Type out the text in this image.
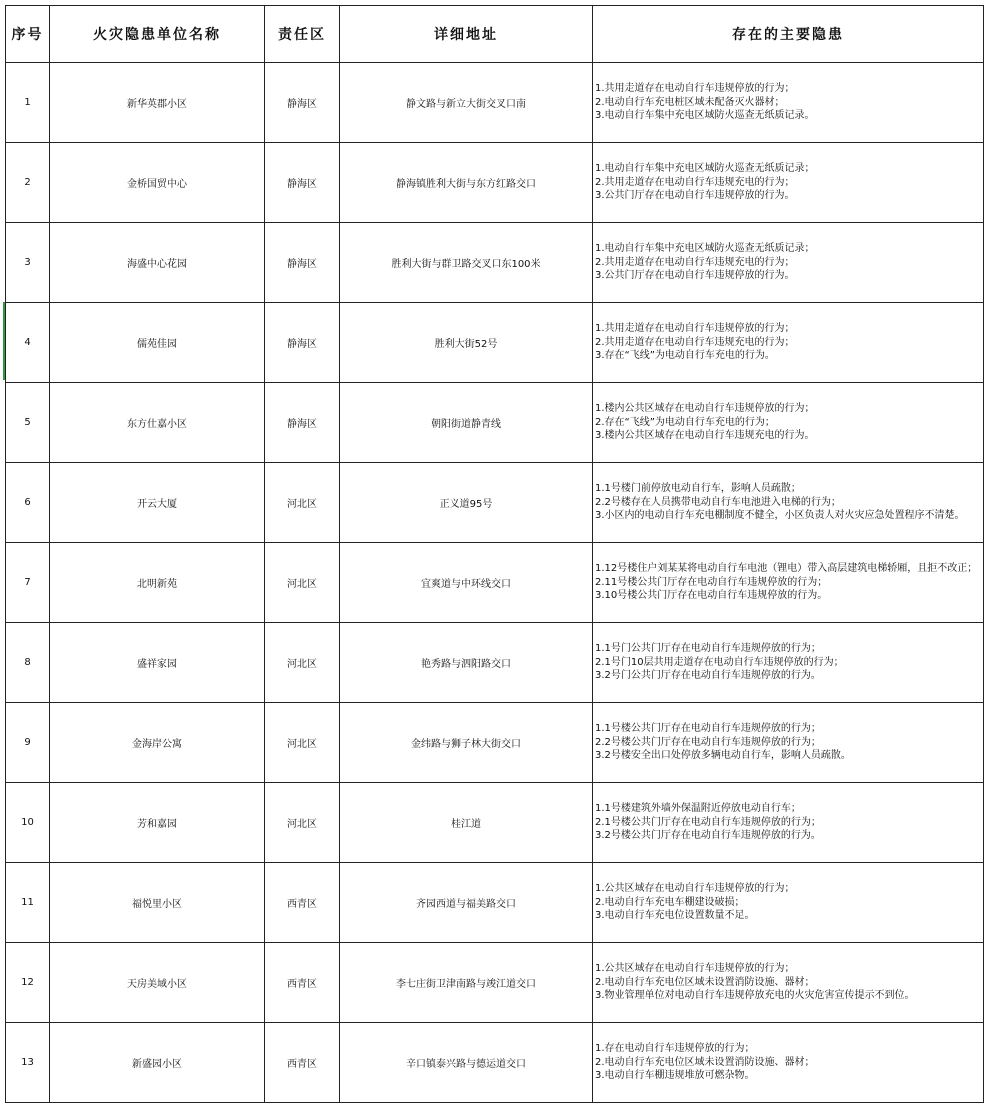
序号	火灾隐患单位名称	责任区	详细地址	存在的主要隐患
1	新华英郡小区	静海区	静文路与新立大街交叉口南	1.共用走道存在电动自行车违规停放的行为；
2.电动自行车充电桩区域未配备灭火器材；
3.电动自行车集中充电区域防火巡查无纸质记录。

2	金桥国贸中心	静海区	静海镇胜利大街与东方红路交口	1.电动自行车集中充电区域防火巡查无纸质记录；
2.共用走道存在电动自行车违规充电的行为；
3.公共门厅存在电动自行车违规停放的行为。

3	海盛中心花园	静海区	胜利大街与群卫路交叉口东100米	1.电动自行车集中充电区域防火巡查无纸质记录；
2.共用走道存在电动自行车违规充电的行为；
3.公共门厅存在电动自行车违规停放的行为。

4	儒苑佳园	静海区	胜利大街52号	1.共用走道存在电动自行车违规停放的行为；
2.共用走道存在电动自行车违规充电的行为；
3.存在“飞线”为电动自行车充电的行为。

5	东方仕嘉小区	静海区	朝阳街道静青线	1.楼内公共区域存在电动自行车违规停放的行为；
2.存在“飞线”为电动自行车充电的行为；
3.楼内公共区域存在电动自行车违规充电的行为。

6	开云大厦	河北区	正义道95号	1.1号楼门前停放电动自行车，影响人员疏散；
2.2号楼存在人员携带电动自行车电池进入电梯的行为；
3.小区内的电动自行车充电棚制度不健全，小区负责人对火灾应急处置程序不清楚。

7	北明新苑	河北区	宜爽道与中环线交口	1.12号楼住户刘某某将电动自行车电池（锂电）带入高层建筑电梯轿厢，且拒不改正；
2.11号楼公共门厅存在电动自行车违规停放的行为；
3.10号楼公共门厅存在电动自行车违规停放的行为。

8	盛祥家园	河北区	艳秀路与泗阳路交口	1.1号门公共门厅存在电动自行车违规停放的行为；
2.1号门10层共用走道存在电动自行车违规停放的行为；
3.2号门公共门厅存在电动自行车违规停放的行为。

9	金海岸公寓	河北区	金纬路与狮子林大街交口	1.1号楼公共门厅存在电动自行车违规停放的行为；
2.2号楼公共门厅存在电动自行车违规停放的行为；
3.2号楼安全出口处停放多辆电动自行车，影响人员疏散。

10	芳和嘉园	河北区	桂江道	1.1号楼建筑外墙外保温附近停放电动自行车；
2.1号楼公共门厅存在电动自行车违规停放的行为；
3.2号楼公共门厅存在电动自行车违规停放的行为。

11	福悦里小区	西青区	齐园西道与福美路交口	1.公共区域存在电动自行车违规停放的行为；
2.电动自行车充电车棚建设破损；
3.电动自行车充电位设置数量不足。

12	天房美域小区	西青区	李七庄街卫津南路与竣江道交口	1.公共区域存在电动自行车违规停放的行为；
2.电动自行车充电位区域未设置消防设施、器材；
3.物业管理单位对电动自行车违规停放充电的火灾危害宣传提示不到位。

13	新盛园小区	西青区	辛口镇泰兴路与德运道交口	1.存在电动自行车违规停放的行为；
2.电动自行车充电位区域未设置消防设施、器材；
3.电动自行车棚违规堆放可燃杂物。
